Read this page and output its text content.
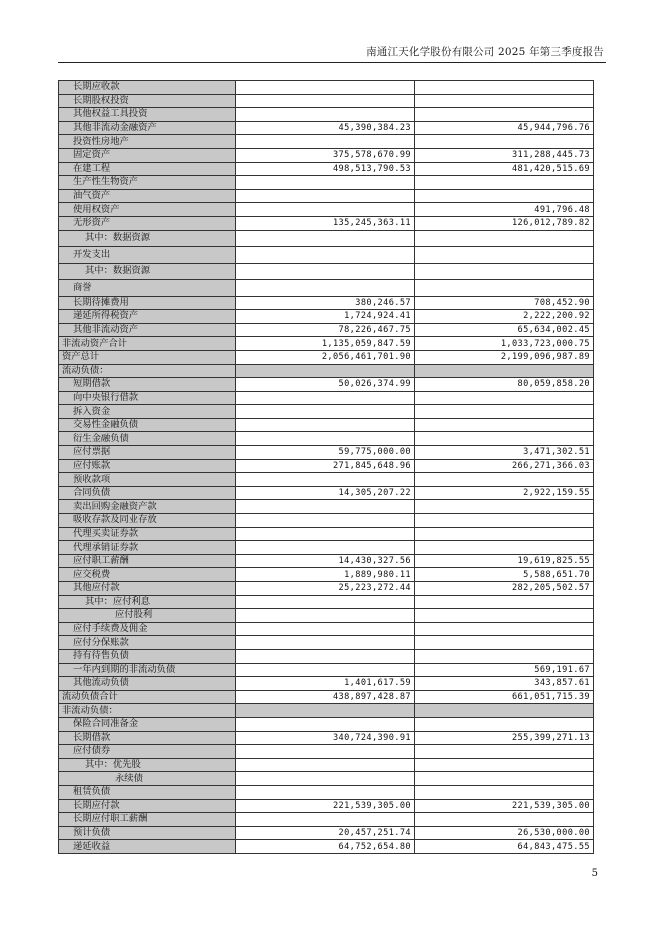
南通江天化学股份有限公司 2025 年第三季度报告
长期应收款		
长期股权投资		
其他权益工具投资		
其他非流动金融资产	45,390,384.23	45,944,796.76
投资性房地产		
固定资产	375,578,670.99	311,288,445.73
在建工程	498,513,790.53	481,420,515.69
生产性生物资产		
油气资产		
使用权资产		491,796.48
无形资产	135,245,363.11	126,012,789.82
其中：数据资源		
开发支出		
其中：数据资源		
商誉		
长期待摊费用	380,246.57	708,452.90
递延所得税资产	1,724,924.41	2,222,200.92
其他非流动资产	78,226,467.75	65,634,002.45
非流动资产合计	1,135,059,847.59	1,033,723,000.75
资产总计	2,056,461,701.90	2,199,096,987.89
流动负债：		
短期借款	50,026,374.99	80,059,858.20
向中央银行借款		
拆入资金		
交易性金融负债		
衍生金融负债		
应付票据	59,775,000.00	3,471,302.51
应付账款	271,845,648.96	266,271,366.03
预收款项		
合同负债	14,305,207.22	2,922,159.55
卖出回购金融资产款		
吸收存款及同业存放		
代理买卖证券款		
代理承销证券款		
应付职工薪酬	14,430,327.56	19,619,825.55
应交税费	1,889,980.11	5,588,651.70
其他应付款	25,223,272.44	282,205,502.57
其中：应付利息		
应付股利		
应付手续费及佣金		
应付分保账款		
持有待售负债		
一年内到期的非流动负债		569,191.67
其他流动负债	1,401,617.59	343,857.61
流动负债合计	438,897,428.87	661,051,715.39
非流动负债：		
保险合同准备金		
长期借款	340,724,390.91	255,399,271.13
应付债券		
其中：优先股		
永续债		
租赁负债		
长期应付款	221,539,305.00	221,539,305.00
长期应付职工薪酬		
预计负债	20,457,251.74	26,530,000.00
递延收益	64,752,654.80	64,843,475.55
5
